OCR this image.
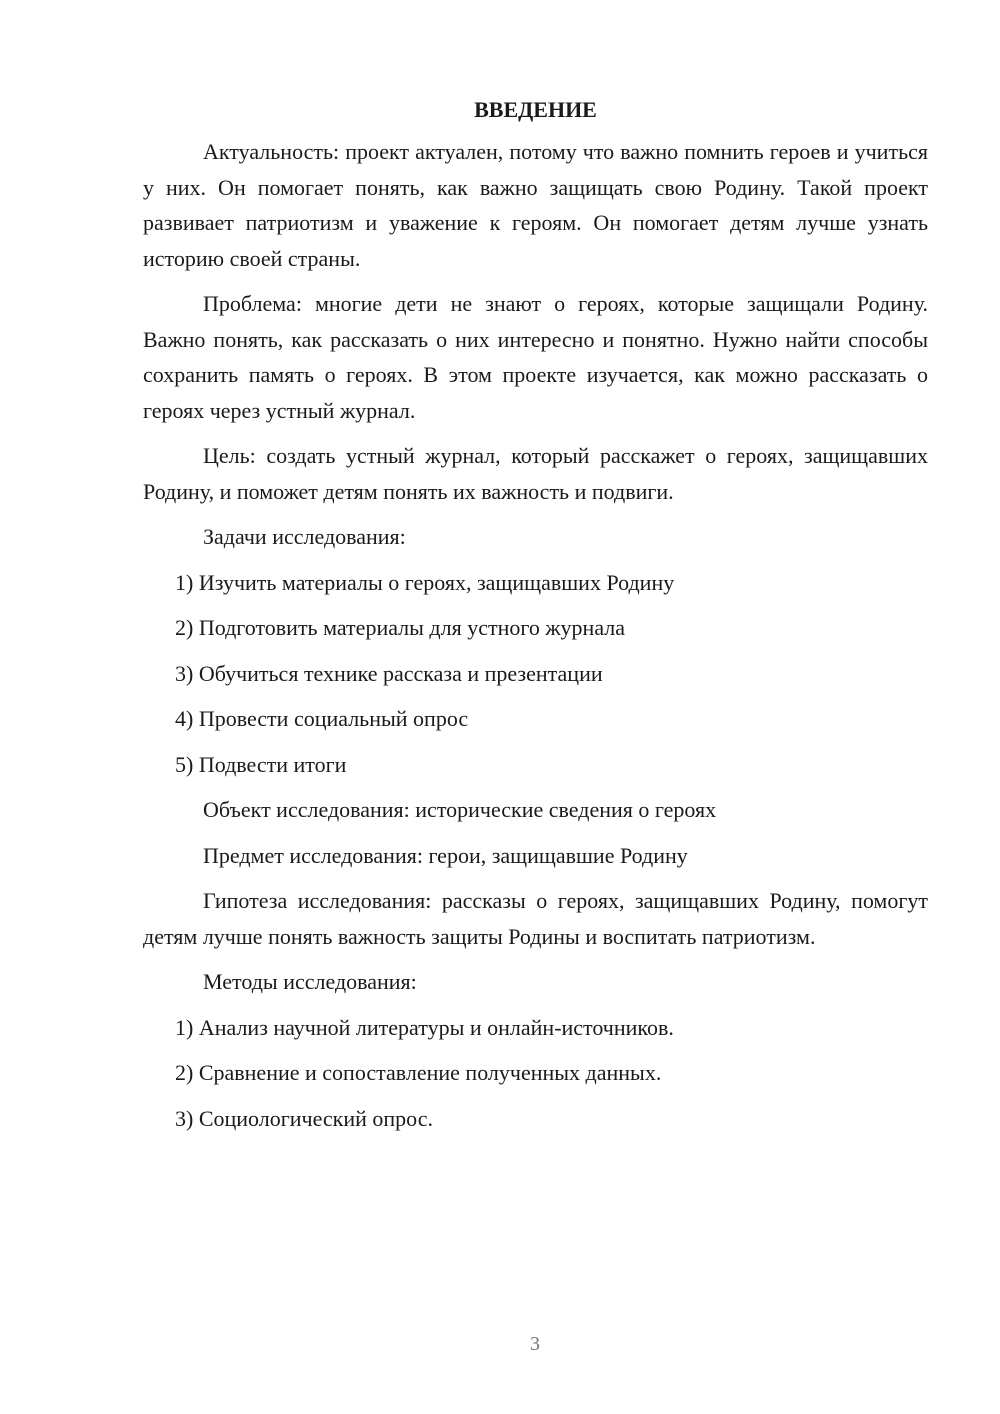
ВВЕДЕНИЕ

Актуальность: проект актуален, потому что важно помнить героев и учиться у них. Он помогает понять, как важно защищать свою Родину. Такой проект развивает патриотизм и уважение к героям. Он помогает детям лучше узнать историю своей страны.

Проблема: многие дети не знают о героях, которые защищали Родину. Важно понять, как рассказать о них интересно и понятно. Нужно найти способы сохранить память о героях. В этом проекте изучается, как можно рассказать о героях через устный журнал.

Цель: создать устный журнал, который расскажет о героях, защищавших Родину, и поможет детям понять их важность и подвиги.

Задачи исследования:
1) Изучить материалы о героях, защищавших Родину
2) Подготовить материалы для устного журнала
3) Обучиться технике рассказа и презентации
4) Провести социальный опрос
5) Подвести итоги
Объект исследования: исторические сведения о героях
Предмет исследования: герои, защищавшие Родину

Гипотеза исследования: рассказы о героях, защищавших Родину, помогут детям лучше понять важность защиты Родины и воспитать патриотизм.

Методы исследования:
1) Анализ научной литературы и онлайн-источников.
2) Сравнение и сопоставление полученных данных.
3) Социологический опрос.
3
